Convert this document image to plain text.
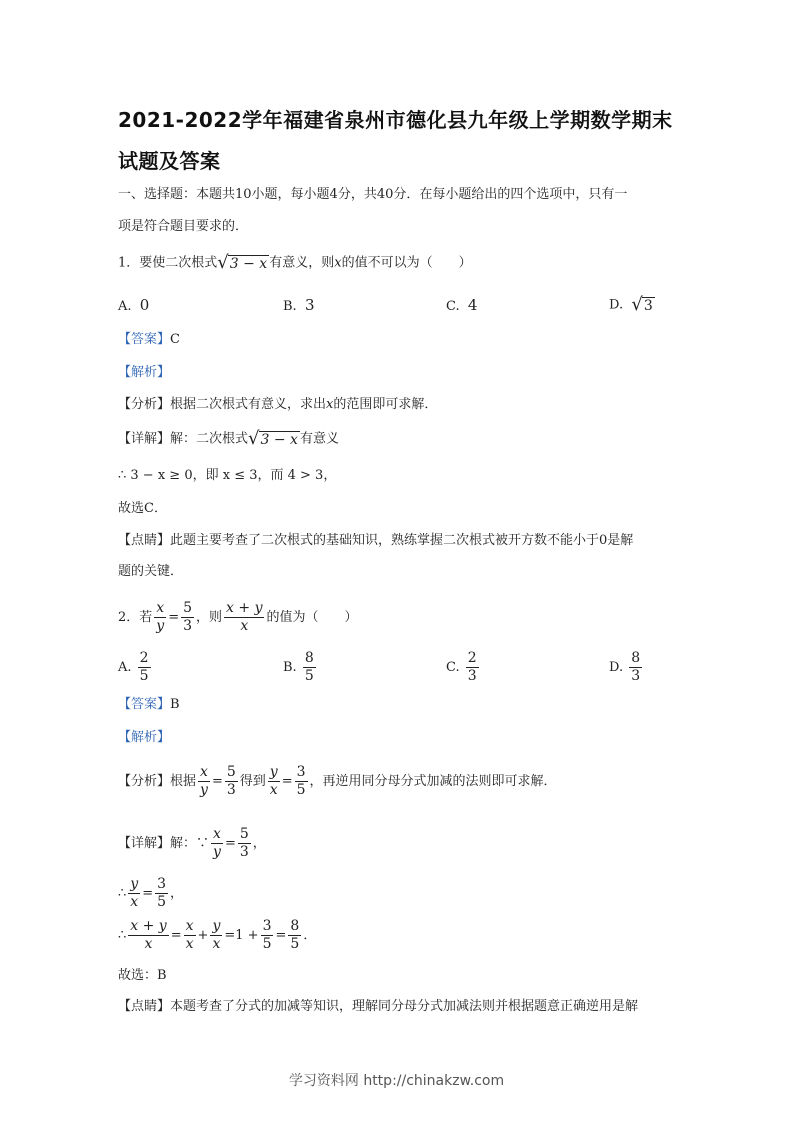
2021-2022学年福建省泉州市德化县九年级上学期数学期末
试题及答案
一、选择题：本题共10小题，每小题4分，共40分．在每小题给出的四个选项中，只有一
项是符合题目要求的．
1．要使二次根式 √ 3 − x 有意义，则x的值不可以为（　　）
A. 0	B. 3	C. 4	D. √ 3
【答案】C
【解析】
【分析】根据二次根式有意义，求出x的范围即可求解．
【详解】解：二次根式 √ 3 − x 有意义
∴ 3 − x ≥ 0，即 x ≤ 3，而 4 > 3，
故选C．
【点睛】此题主要考查了二次根式的基础知识，熟练掌握二次根式被开方数不能小于0是解
题的关键．
2．若 $\frac{x}{y} = \frac{5}{3}$ ，则 $\frac{x + y}{x}$ 的值为（　　）
A. $\frac{2}{5}$	B. $\frac{8}{5}$	C. $\frac{2}{3}$	D. $\frac{8}{3}$
【答案】B
【解析】
【分析】根据 $\frac{x}{y} = \frac{5}{3}$ 得到 $\frac{y}{x} = \frac{3}{5}$ ，再逆用同分母分式加减的法则即可求解．
【详解】解：∵ $\frac{x}{y} = \frac{5}{3}$ ，
∴ $\frac{y}{x} = \frac{3}{5}$ ，
∴ $\frac{x + y}{x} = \frac{x}{x} + \frac{y}{x} =1 + \frac{3}{5} = \frac{8}{5}$ ．
故选：B
【点睛】本题考查了分式的加减等知识，理解同分母分式加减法则并根据题意正确逆用是解
学习资料网 http://chinakzw.com
